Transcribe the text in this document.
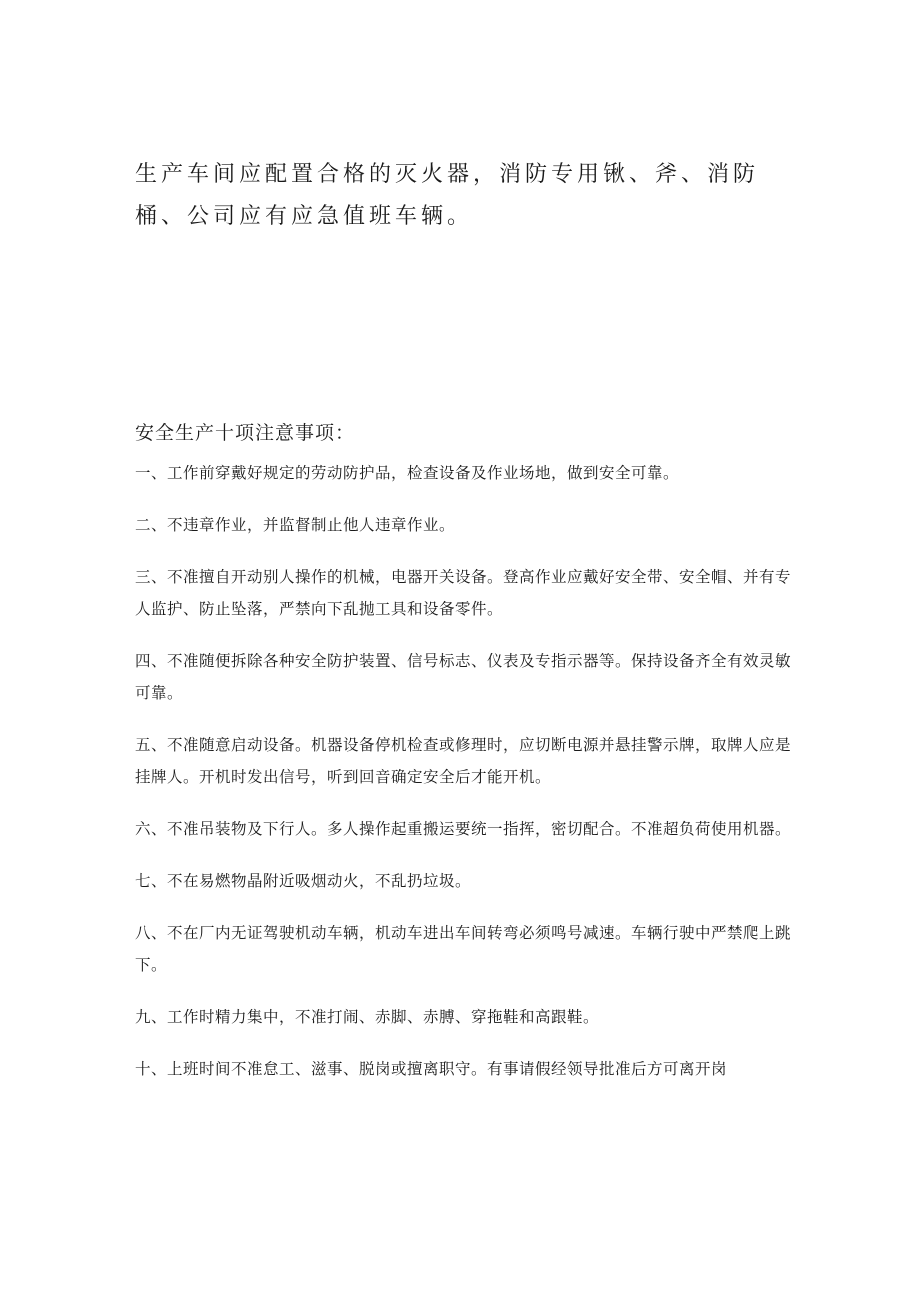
生产车间应配置合格的灭火器，消防专用锹、斧、消防桶、公司应有应急值班车辆。

安全生产十项注意事项：

一、工作前穿戴好规定的劳动防护品，检查设备及作业场地，做到安全可靠。

二、不违章作业，并监督制止他人违章作业。

三、不准擅自开动别人操作的机械，电器开关设备。登高作业应戴好安全带、安全帽、并有专人监护、防止坠落，严禁向下乱抛工具和设备零件。

四、不准随便拆除各种安全防护装置、信号标志、仪表及专指示器等。保持设备齐全有效灵敏可靠。

五、不准随意启动设备。机器设备停机检查或修理时，应切断电源并悬挂警示牌，取牌人应是挂牌人。开机时发出信号，听到回音确定安全后才能开机。

六、不准吊装物及下行人。多人操作起重搬运要统一指挥，密切配合。不准超负荷使用机器。

七、不在易燃物晶附近吸烟动火，不乱扔垃圾。

八、不在厂内无证驾驶机动车辆，机动车进出车间转弯必须鸣号减速。车辆行驶中严禁爬上跳下。

九、工作时精力集中，不准打闹、赤脚、赤膊、穿拖鞋和高跟鞋。

十、上班时间不准怠工、滋事、脱岗或擅离职守。有事请假经领导批准后方可离开岗
